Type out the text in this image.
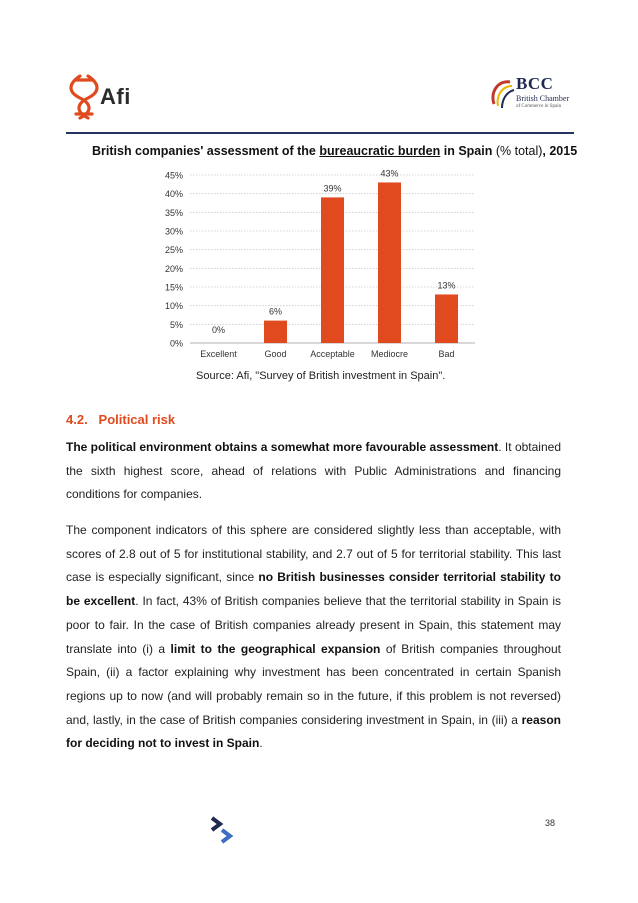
Afi
BCC
British Chamber
of Commerce in Spain
British companies' assessment of the bureaucratic burden in Spain (% total), 2015
0%
5%
10%
15%
20%
25%
30%
35%
40%
45%
0%
Excellent
6%
Good
39%
Acceptable
43%
Mediocre
13%
Bad
Source: Afi, "Survey of British investment in Spain".
4.2. Political risk
The political environment obtains a somewhat more favourable assessment. It obtained the sixth highest score, ahead of relations with Public Administrations and financing conditions for companies.
The component indicators of this sphere are considered slightly less than acceptable, with scores of 2.8 out of 5 for institutional stability, and 2.7 out of 5 for territorial stability. This last case is especially significant, since no British businesses consider territorial stability to be excellent. In fact, 43% of British companies believe that the territorial stability in Spain is poor to fair. In the case of British companies already present in Spain, this statement may translate into (i) a limit to the geographical expansion of British companies throughout Spain, (ii) a factor explaining why investment has been concentrated in certain Spanish regions up to now (and will probably remain so in the future, if this problem is not reversed) and, lastly, in the case of British companies considering investment in Spain, in (iii) a reason for deciding not to invest in Spain.
38
